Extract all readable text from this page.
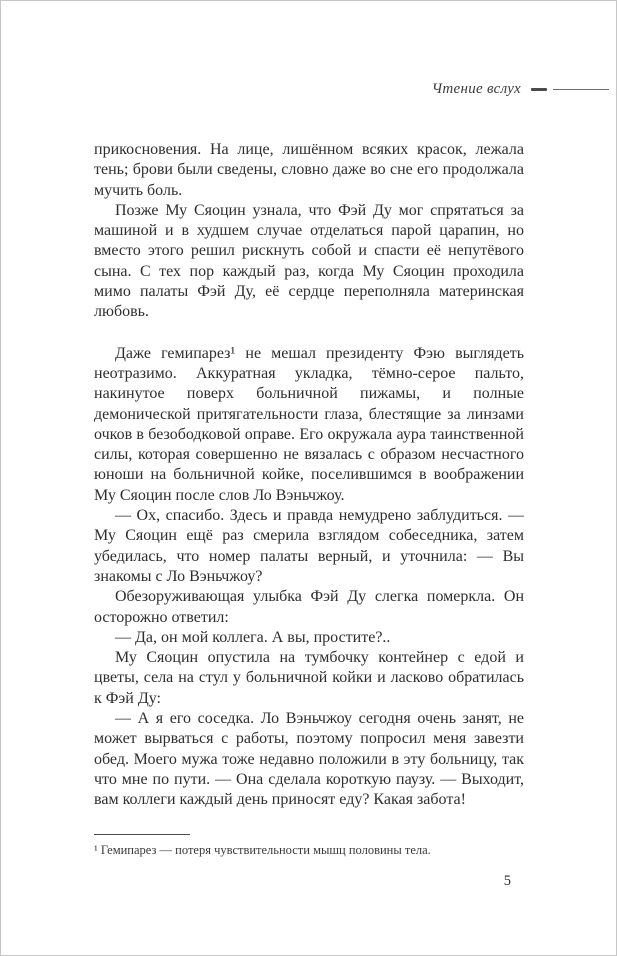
Чтение вслух

прикосновения. На лице, лишённом всяких красок, лежала тень; брови были сведены, словно даже во сне его продолжала мучить боль.

Позже Му Сяоцин узнала, что Фэй Ду мог спрятаться за машиной и в худшем случае отделаться парой царапин, но вместо этого решил рискнуть собой и спасти её непутёвого сына. С тех пор каждый раз, когда Му Сяоцин проходила мимо палаты Фэй Ду, её сердце переполняла материнская любовь.

Даже гемипарез¹ не мешал президенту Фэю выглядеть неотразимо. Аккуратная укладка, тёмно-серое пальто, накинутое поверх больничной пижамы, и полные демонической притягательности глаза, блестящие за линзами очков в безободковой оправе. Его окружала аура таинственной силы, которая совершенно не вязалась с образом несчастного юноши на больничной койке, поселившимся в воображении Му Сяоцин после слов Ло Вэньчжоу.

— Ох, спасибо. Здесь и правда немудрено заблудиться. — Му Сяоцин ещё раз смерила взглядом собеседника, затем убедилась, что номер палаты верный, и уточнила: — Вы знакомы с Ло Вэньчжоу?

Обезоруживающая улыбка Фэй Ду слегка померкла. Он осторожно ответил:

— Да, он мой коллега. А вы, простите?..

Му Сяоцин опустила на тумбочку контейнер с едой и цветы, села на стул у больничной койки и ласково обратилась к Фэй Ду:

— А я его соседка. Ло Вэньчжоу сегодня очень занят, не может вырваться с работы, поэтому попросил меня завезти обед. Моего мужа тоже недавно положили в эту больницу, так что мне по пути. — Она сделала короткую паузу. — Выходит, вам коллеги каждый день приносят еду? Какая забота!

¹ Гемипарез — потеря чувствительности мышц половины тела.
5
